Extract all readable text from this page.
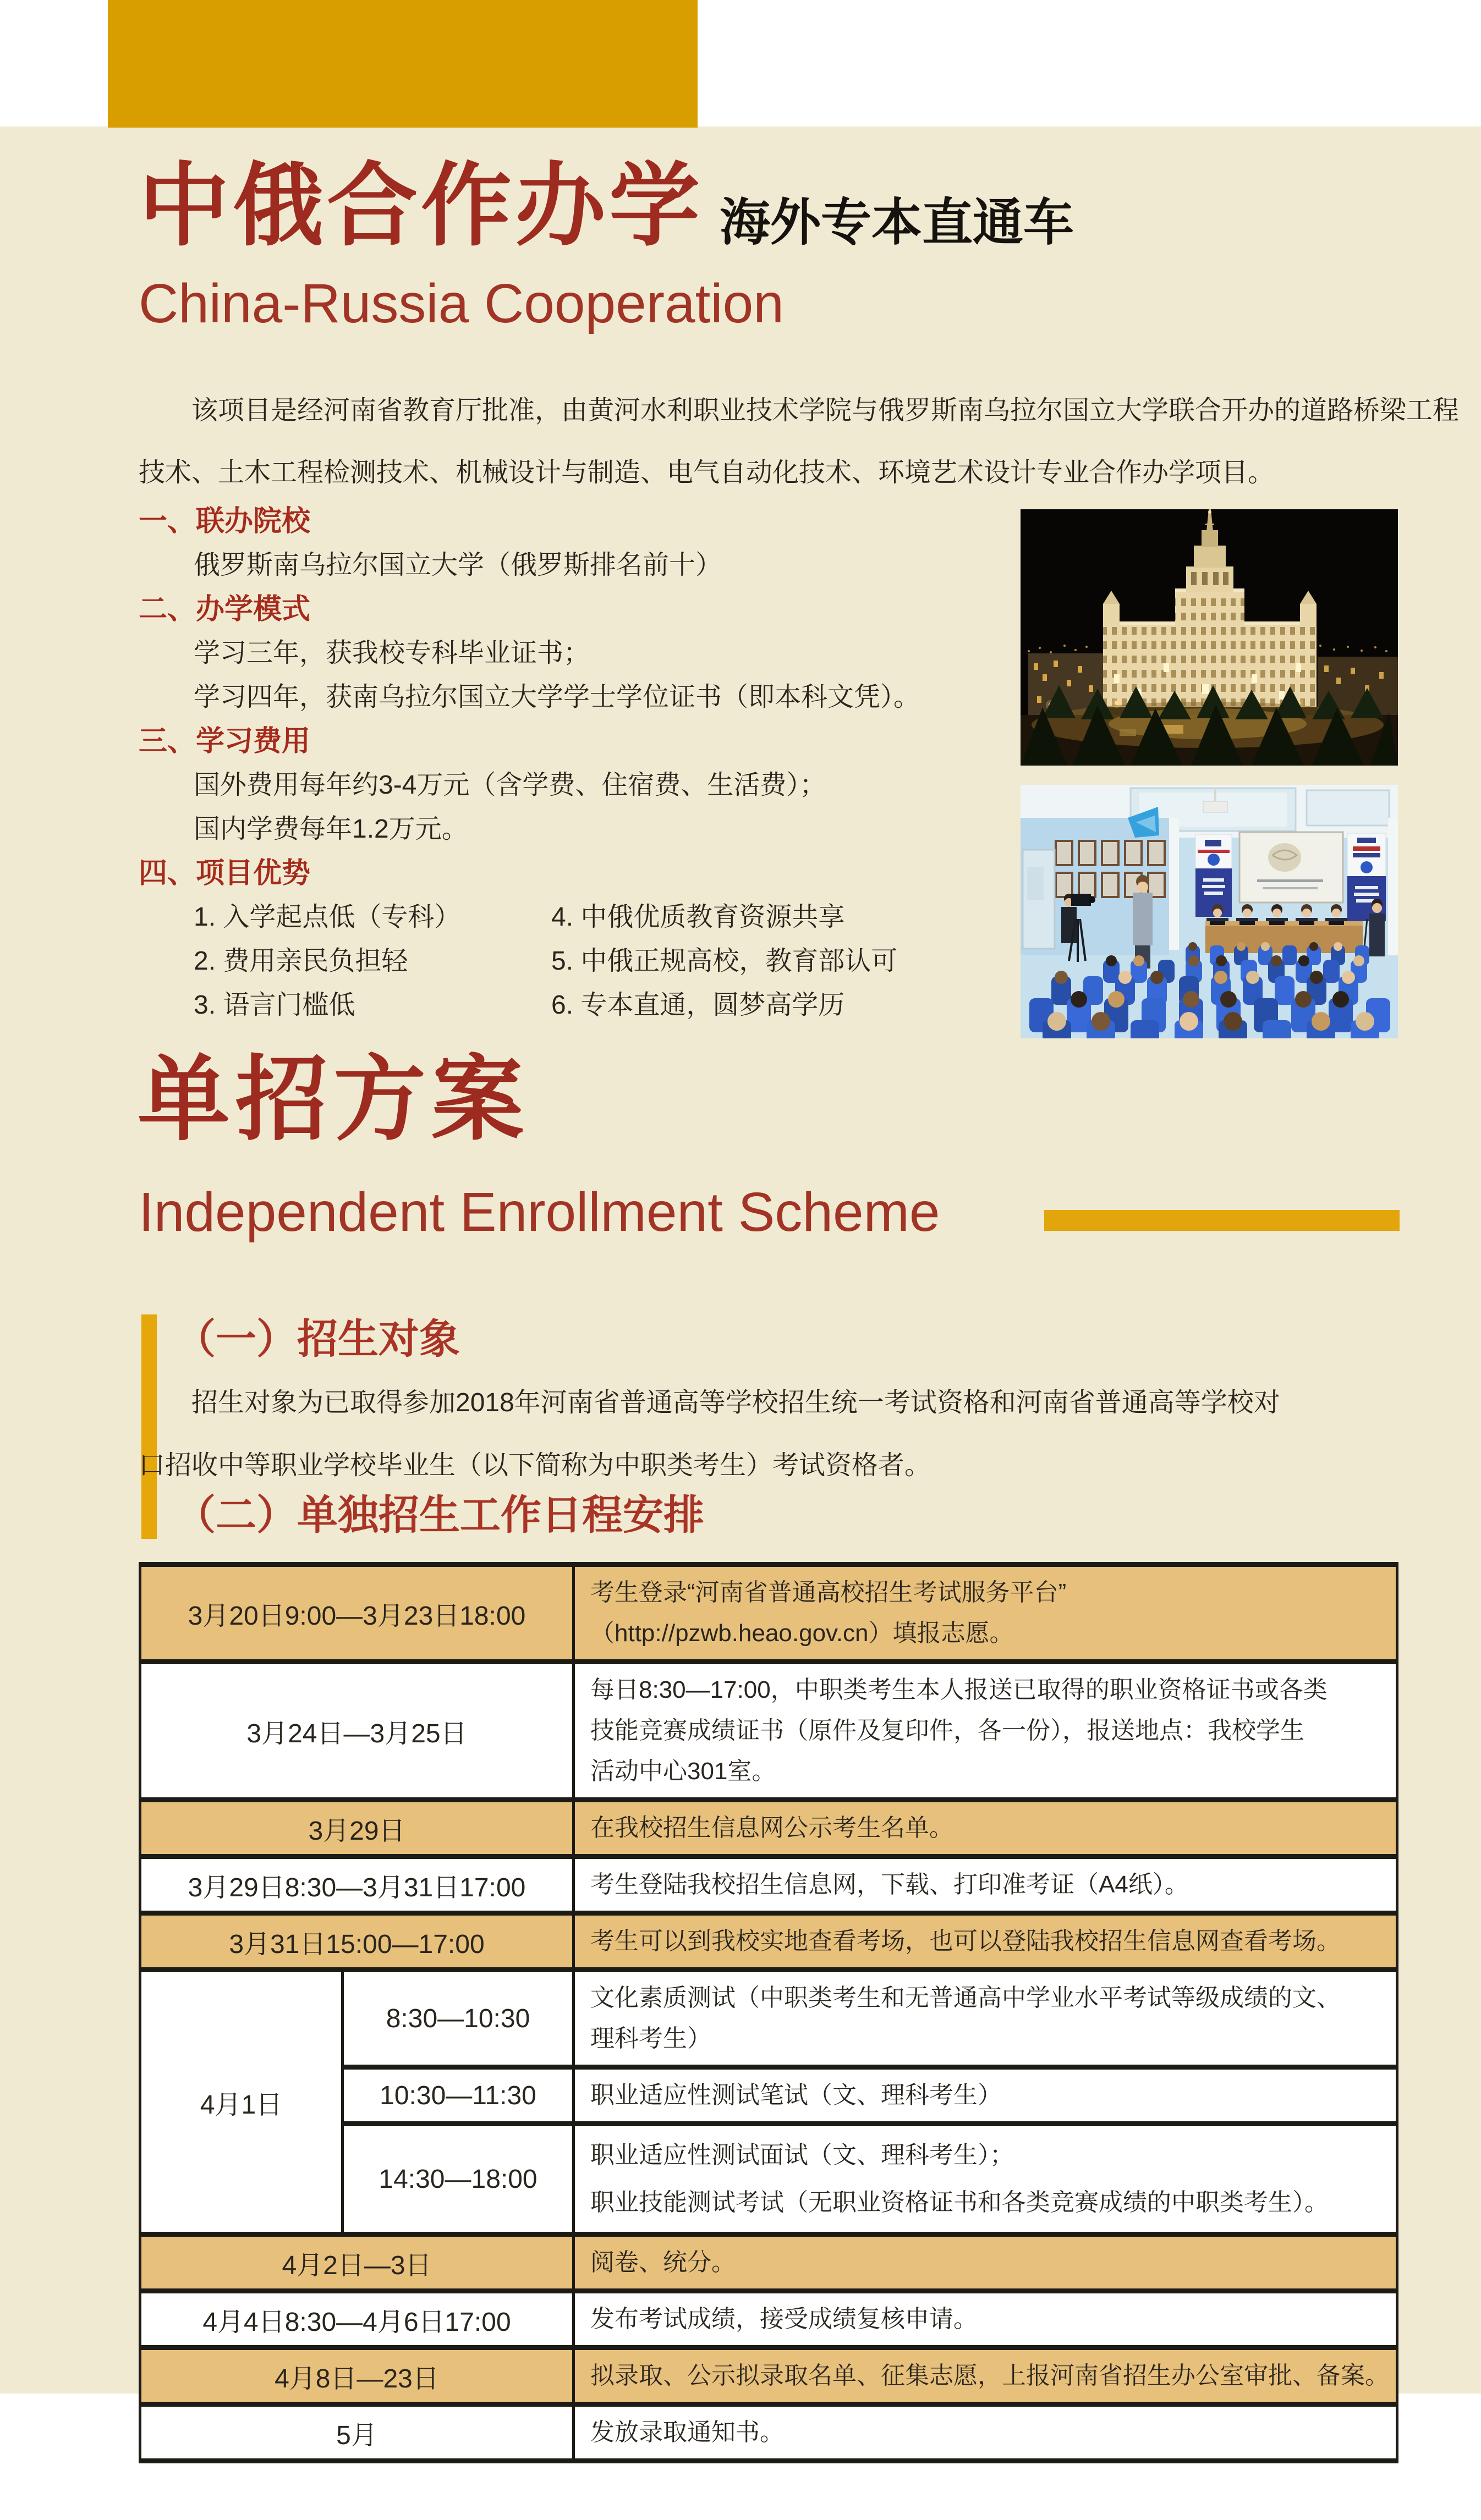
中俄合作办学 海外专本直通车
China-Russia Cooperation
该项目是经河南省教育厅批准，由黄河水利职业技术学院与俄罗斯南乌拉尔国立大学联合开办的道路桥梁工程
技术、土木工程检测技术、机械设计与制造、电气自动化技术、环境艺术设计专业合作办学项目。
一、联办院校
俄罗斯南乌拉尔国立大学（俄罗斯排名前十）
二、办学模式
学习三年，获我校专科毕业证书；
学习四年，获南乌拉尔国立大学学士学位证书（即本科文凭）。
三、学习费用
国外费用每年约3-4万元（含学费、住宿费、生活费）；
国内学费每年1.2万元。
四、项目优势
1. 入学起点低（专科）	4. 中俄优质教育资源共享
2. 费用亲民负担轻	5. 中俄正规高校，教育部认可
3. 语言门槛低	6. 专本直通，圆梦高学历
单招方案
Independent Enrollment Scheme
（一）招生对象
招生对象为已取得参加2018年河南省普通高等学校招生统一考试资格和河南省普通高等学校对
口招收中等职业学校毕业生（以下简称为中职类考生）考试资格者。
（二）单独招生工作日程安排
3月20日9:00—3月23日18:00		考生登录“河南省普通高校招生考试服务平台”
（http://pzwb.heao.gov.cn）填报志愿。

3月24日—3月25日		每日8:30—17:00，中职类考生本人报送已取得的职业资格证书或各类
技能竞赛成绩证书（原件及复印件，各一份），报送地点：我校学生
活动中心301室。

3月29日		在我校招生信息网公示考生名单。

3月29日8:30—3月31日17:00		考生登陆我校招生信息网，下载、打印准考证（A4纸）。

3月31日15:00—17:00		考生可以到我校实地查看考场，也可以登陆我校招生信息网查看考场。

4月1日	8:30—10:30	文化素质测试（中职类考生和无普通高中学业水平考试等级成绩的文、
理科考生）

	10:30—11:30	职业适应性测试笔试（文、理科考生）

	14:30—18:00	职业适应性测试面试（文、理科考生）；
职业技能测试考试（无职业资格证书和各类竞赛成绩的中职类考生）。

4月2日—3日		阅卷、统分。

4月4日8:30—4月6日17:00		发布考试成绩，接受成绩复核申请。

4月8日—23日		拟录取、公示拟录取名单、征集志愿，上报河南省招生办公室审批、备案。

5月		发放录取通知书。
